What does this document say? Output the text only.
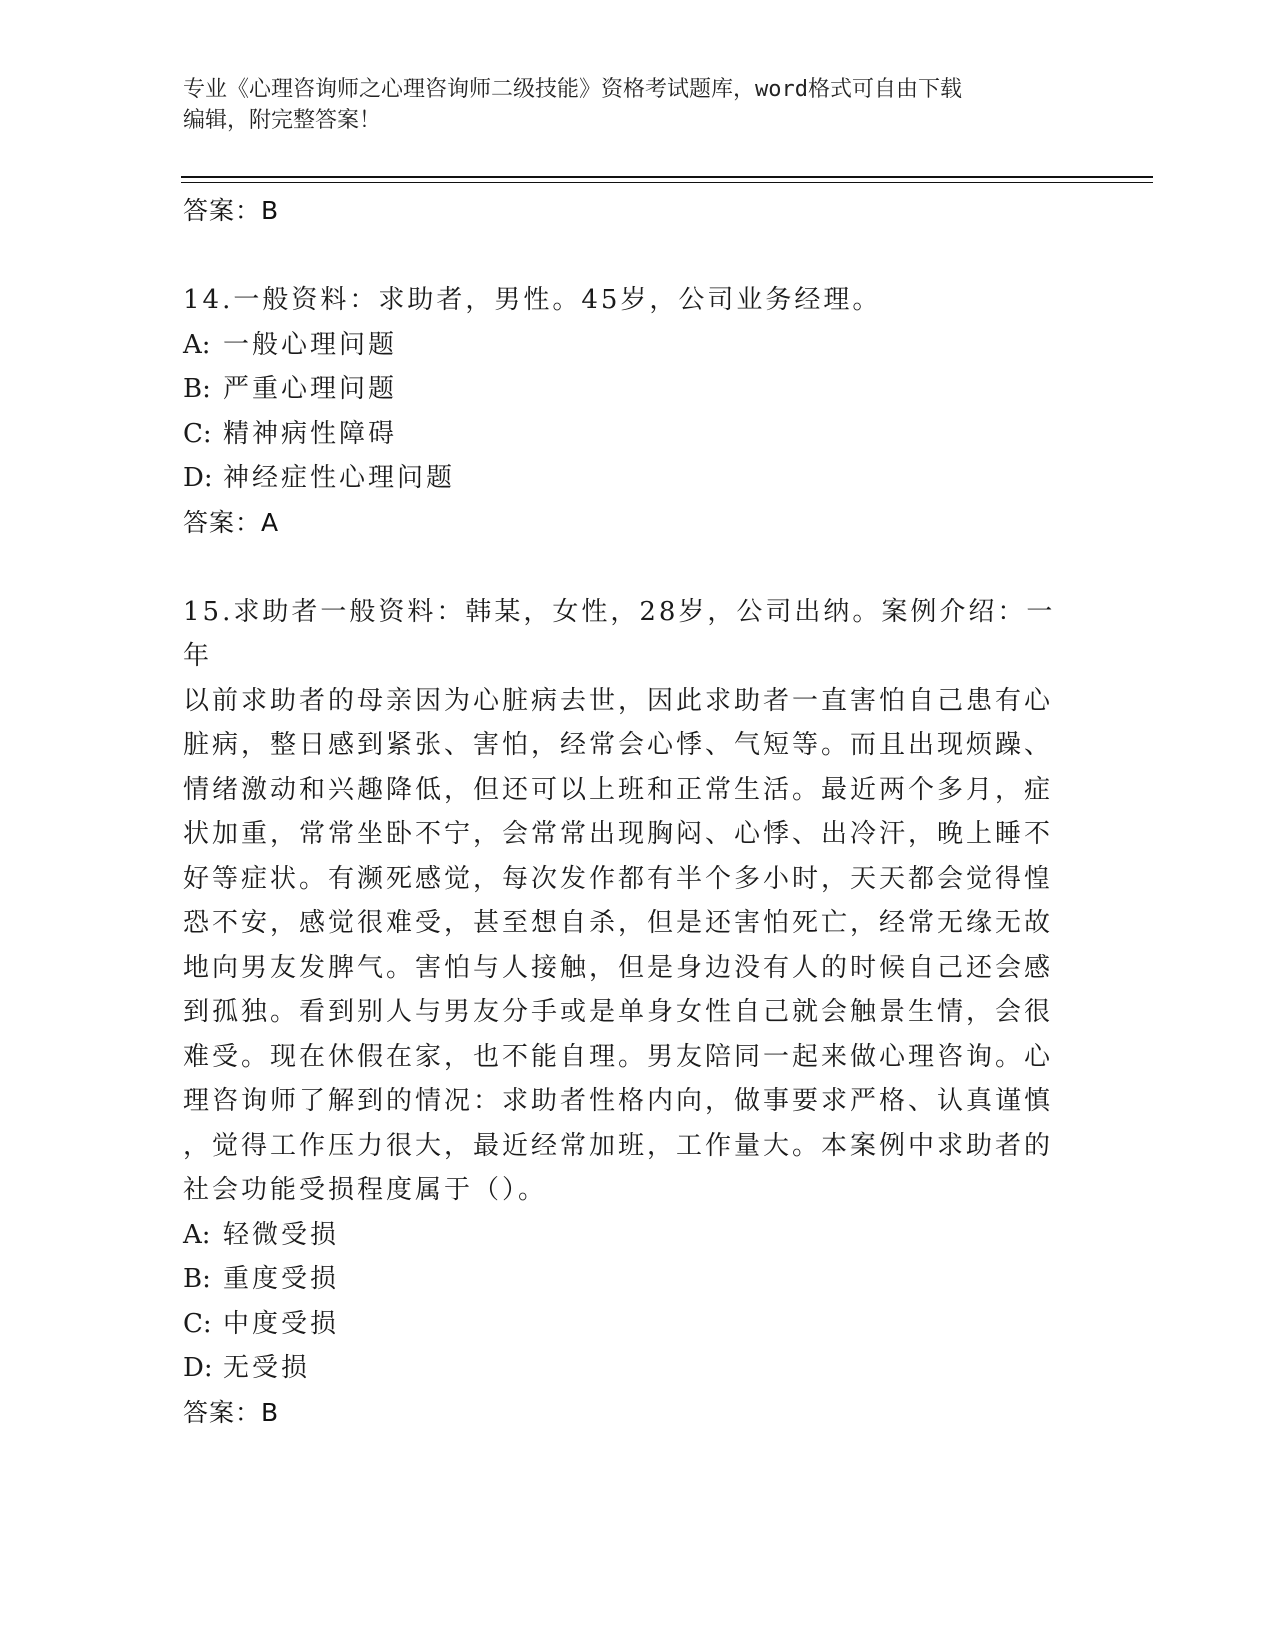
专业《心理咨询师之心理咨询师二级技能》资格考试题库，word格式可自由下载
编辑，附完整答案！
答案：B

14.一般资料：求助者，男性。45岁，公司业务经理。

A: 一般心理问题
B: 严重心理问题
C: 精神病性障碍
D: 神经症性心理问题
答案：A
15.求助者一般资料：韩某，女性，28岁，公司出纳。案例介绍：一年
以前求助者的母亲因为心脏病去世，因此求助者一直害怕自己患有心
脏病，整日感到紧张、害怕，经常会心悸、气短等。而且出现烦躁、
情绪激动和兴趣降低，但还可以上班和正常生活。最近两个多月，症
状加重，常常坐卧不宁，会常常出现胸闷、心悸、出冷汗，晚上睡不
好等症状。有濒死感觉，每次发作都有半个多小时，天天都会觉得惶
恐不安，感觉很难受，甚至想自杀，但是还害怕死亡，经常无缘无故
地向男友发脾气。害怕与人接触，但是身边没有人的时候自己还会感
到孤独。看到别人与男友分手或是单身女性自己就会触景生情，会很
难受。现在休假在家，也不能自理。男友陪同一起来做心理咨询。心
理咨询师了解到的情况：求助者性格内向，做事要求严格、认真谨慎
，觉得工作压力很大，最近经常加班，工作量大。本案例中求助者的
社会功能受损程度属于（）。
A: 轻微受损
B: 重度受损
C: 中度受损
D: 无受损
答案：B
